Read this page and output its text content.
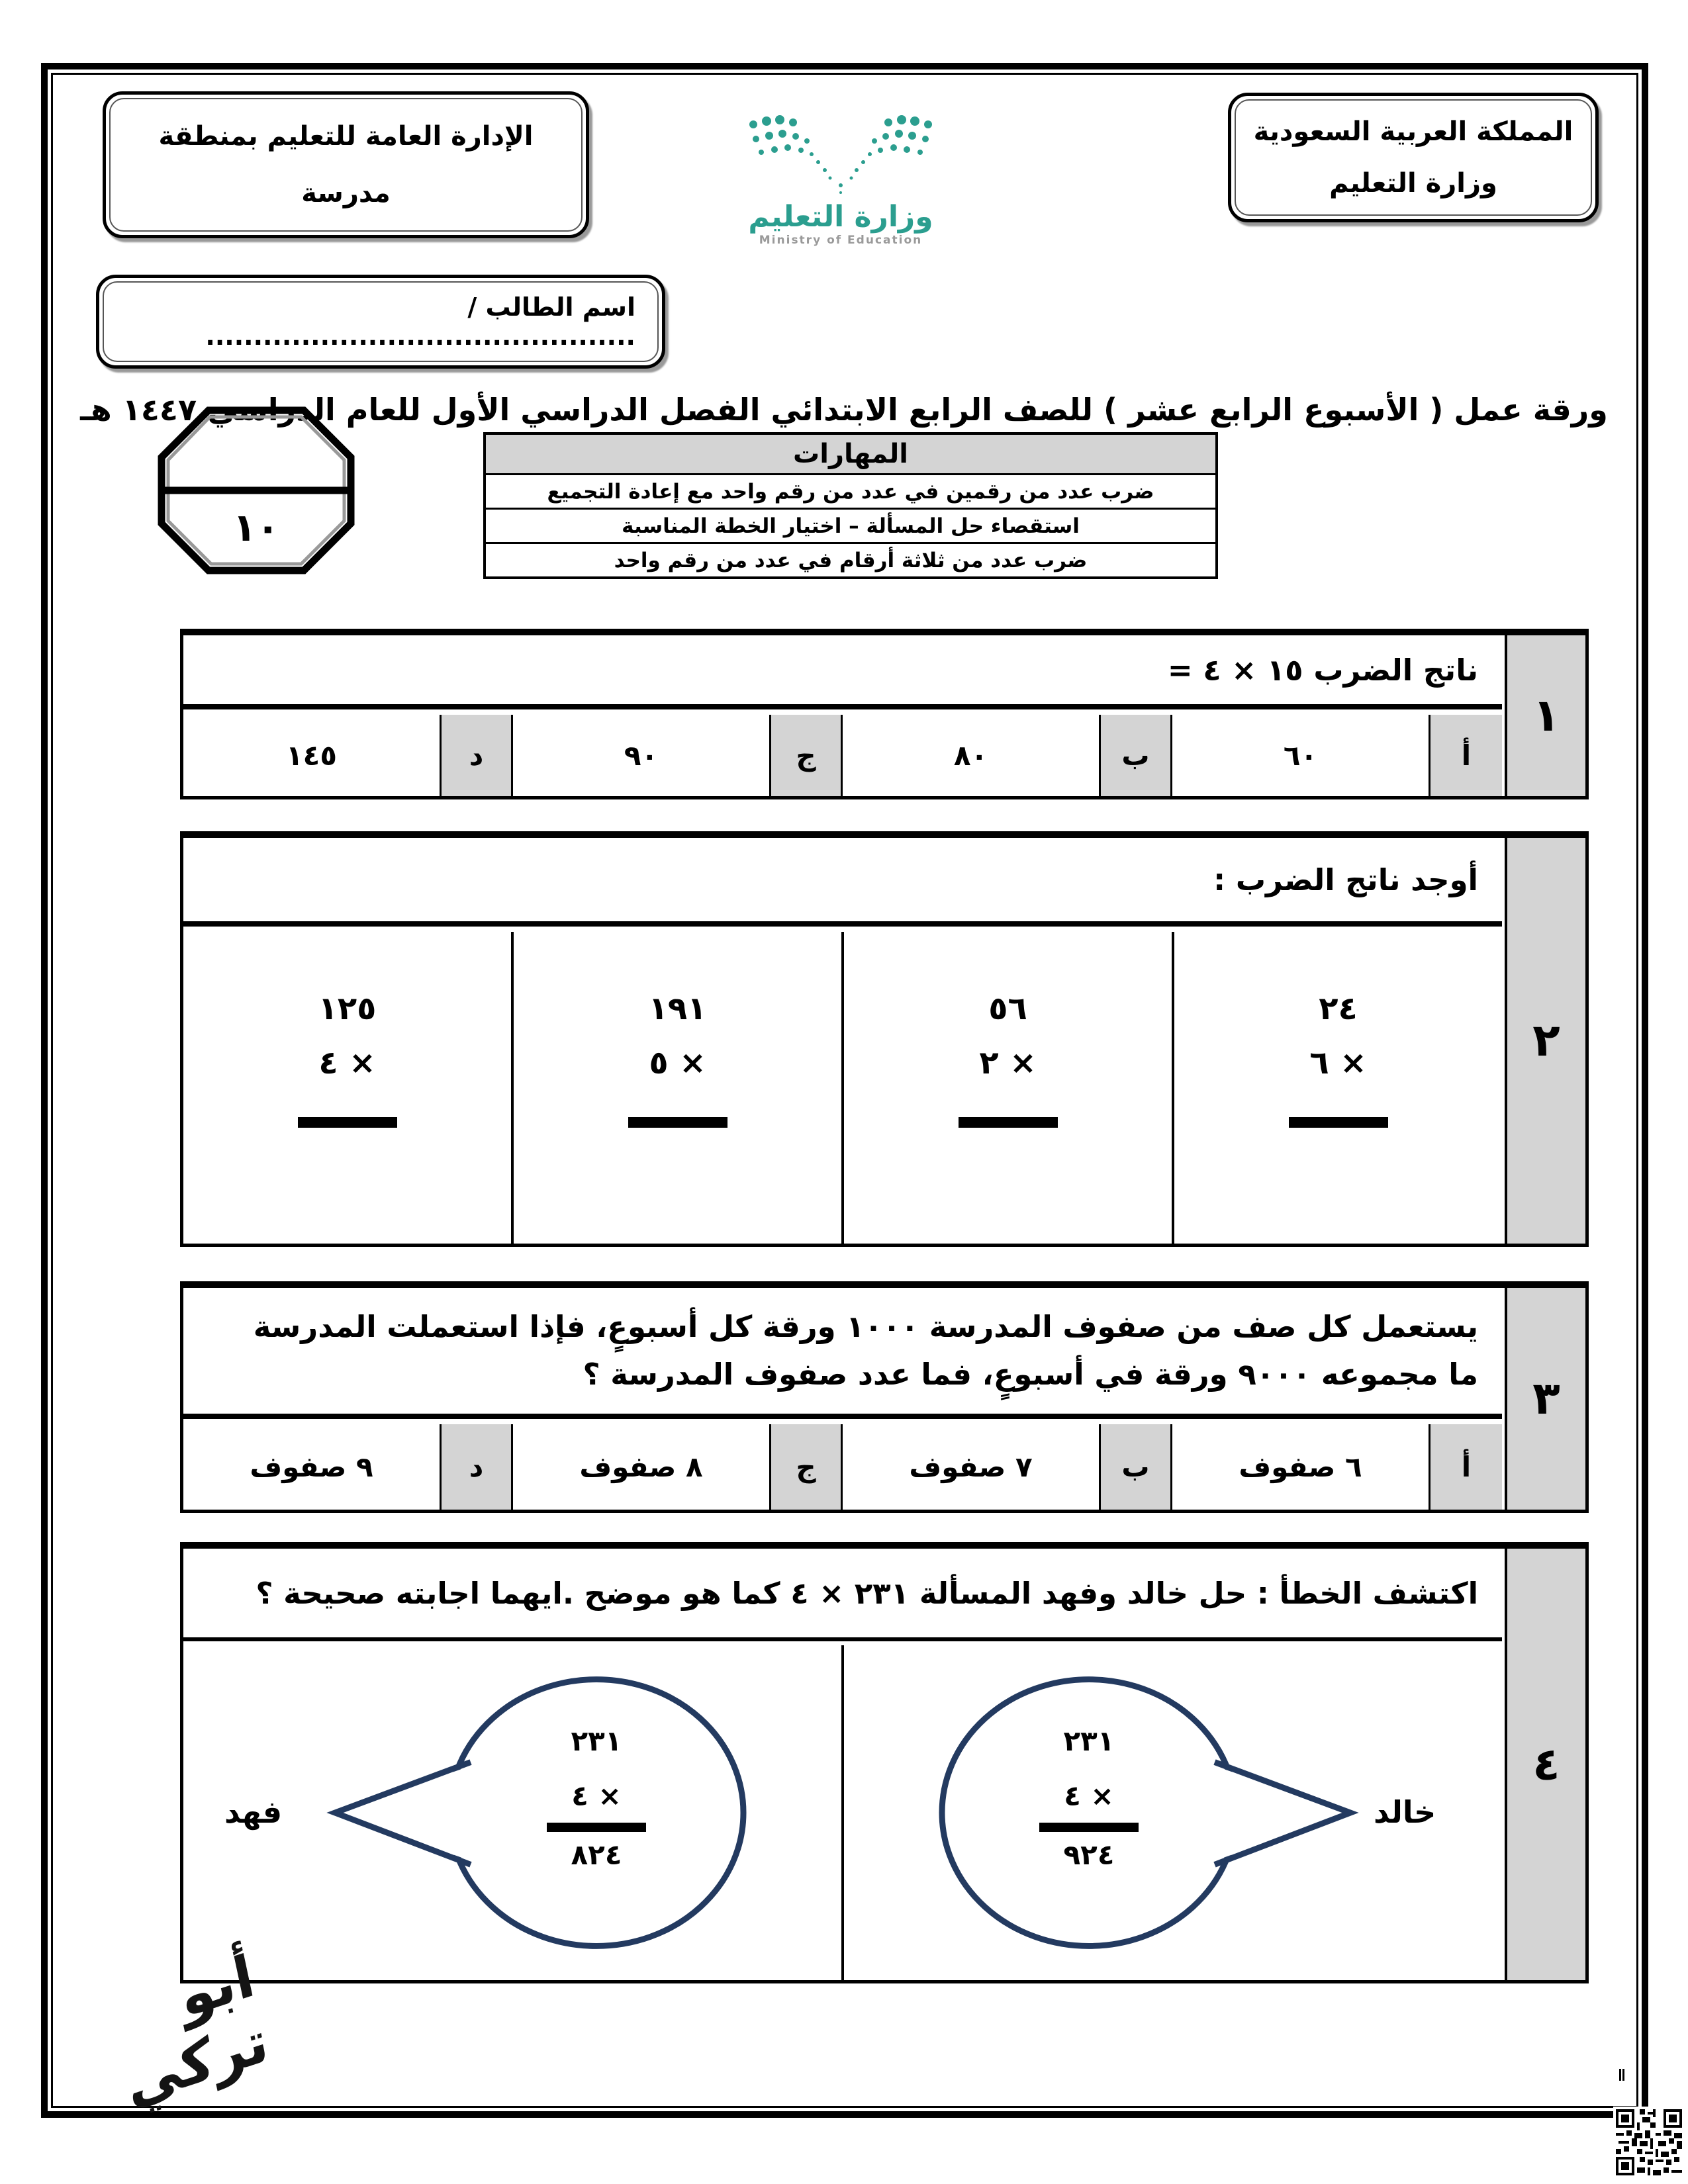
المملكة العربية السعودية
وزارة التعليم
الإدارة العامة للتعليم بمنطقة
مدرسة
وزارة التعليم
Ministry of Education
اسم الطالب / .............................................
ورقة عمل ( الأسبوع الرابع عشر ) للصف الرابع الابتدائي الفصل الدراسي الأول للعام الدراسي ١٤٤٧ هـ
١٠
المهارات
ضرب عدد من رقمين في عدد من رقم واحد مع إعادة التجميع
استقصاء حل المسألة – اختيار الخطة المناسبة
ضرب عدد من ثلاثة أرقام في عدد من رقم واحد
١
ناتج الضرب ١٥ × ٤ =
أ
٦٠
ب
٨٠
ج
٩٠
د
١٤٥
٢
أوجد ناتج الضرب :
٢٤
× ٦
٥٦
× ٢
١٩١
× ٥
١٢٥
× ٤
٣
يستعمل كل صف من صفوف المدرسة ١٠٠٠ ورقة كل أسبوعٍ، فإذا استعملت المدرسة ما مجموعه ٩٠٠٠ ورقة في أسبوعٍ، فما عدد صفوف المدرسة ؟
أ
٦ صفوف
ب
٧ صفوف
ج
٨ صفوف
د
٩ صفوف
٤
اكتشف الخطأ : حل خالد وفهد المسألة ٢٣١ × ٤ كما هو موضح .ايهما اجابته صحيحة ؟
٢٣١
× ٤
٩٢٤
خالد
٢٣١
× ٤
٨٢٤
فهد
أبو تركي
